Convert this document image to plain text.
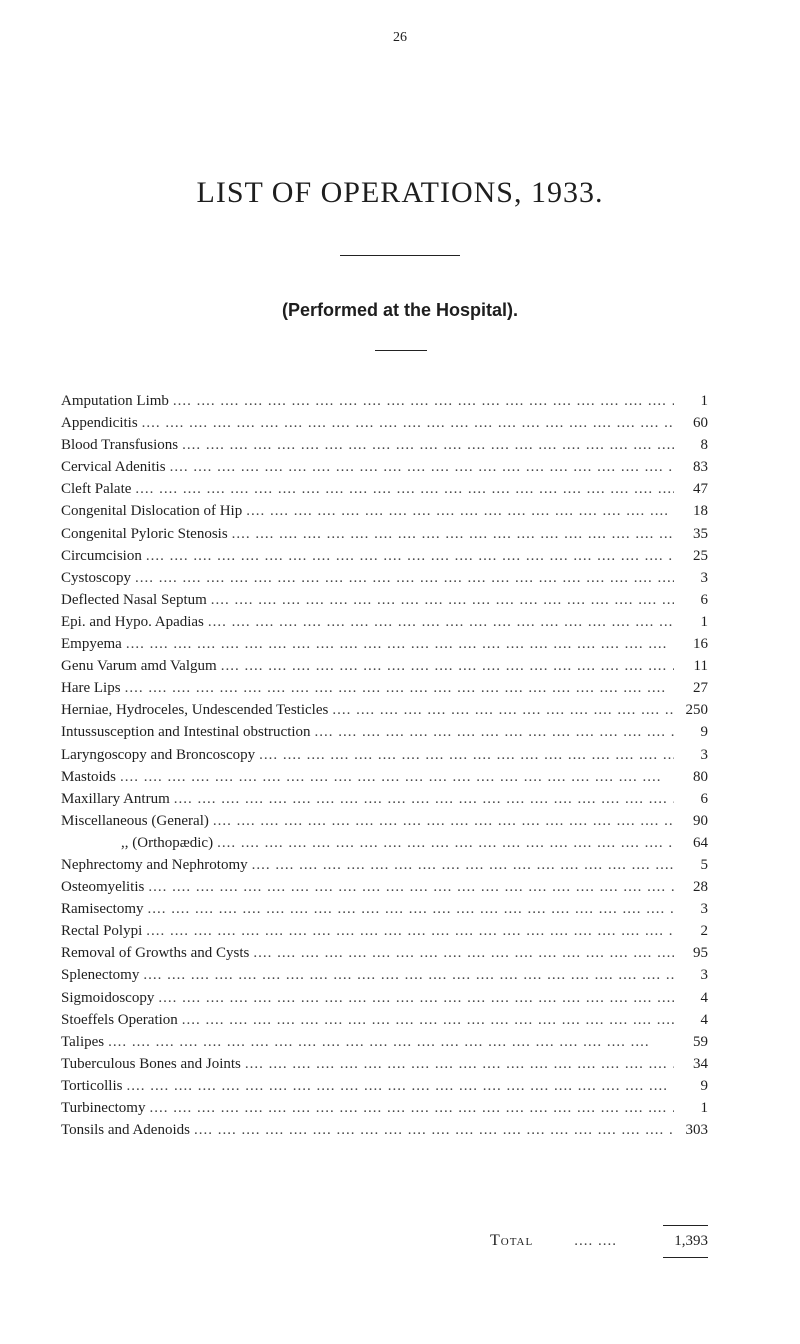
26
LIST OF OPERATIONS, 1933.
(Performed at the Hospital).
Amputation Limb ....	1
Appendicitis ....	60
Blood Transfusions ....	8
Cervical Adenitis ....	83
Cleft Palate ....	47
Congenital Dislocation of Hip ....	18
Congenital Pyloric Stenosis ....	35
Circumcision ....	25
Cystoscopy ....	3
Deflected Nasal Septum ....	6
Epi. and Hypo. Apadias ....	1
Empyema ....	16
Genu Varum amd Valgum ....	11
Hare Lips ....	27
Herniae, Hydroceles, Undescended Testicles ....	250
Intussusception and Intestinal obstruction ....	9
Laryngoscopy and Broncoscopy ....	3
Mastoids ....	80
Maxillary Antrum ....	6
Miscellaneous (General) ....	90
,, (Orthopædic) ....	64
Nephrectomy and Nephrotomy ....	5
Osteomyelitis ....	28
Ramisectomy ....	3
Rectal Polypi ....	2
Removal of Growths and Cysts ....	95
Splenectomy ....	3
Sigmoidoscopy ....	4
Stoeffels Operation ....	4
Talipes ....	59
Tuberculous Bones and Joints ....	34
Torticollis ....	9
Turbinectomy ....	1
Tonsils and Adenoids ....	303
Total	.... ....	1,393
